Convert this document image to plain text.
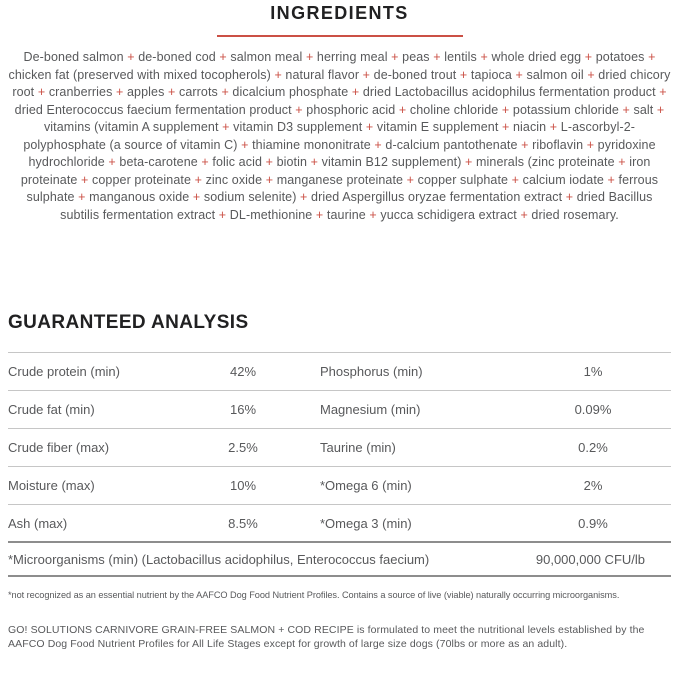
INGREDIENTS

De-boned salmon + de-boned cod + salmon meal + herring meal + peas + lentils + whole dried egg + potatoes + chicken fat (preserved with mixed tocopherols) + natural flavor + de-boned trout + tapioca + salmon oil + dried chicory root + cranberries + apples + carrots + dicalcium phosphate + dried Lactobacillus acidophilus fermentation product + dried Enterococcus faecium fermentation product + phosphoric acid + choline chloride + potassium chloride + salt + vitamins (vitamin A supplement + vitamin D3 supplement + vitamin E supplement + niacin + L-ascorbyl-2-polyphosphate (a source of vitamin C) + thiamine mononitrate + d-calcium pantothenate + riboflavin + pyridoxine hydrochloride + beta-carotene + folic acid + biotin + vitamin B12 supplement) + minerals (zinc proteinate + iron proteinate + copper proteinate + zinc oxide + manganese proteinate + copper sulphate + calcium iodate + ferrous sulphate + manganous oxide + sodium selenite) + dried Aspergillus oryzae fermentation extract + dried Bacillus subtilis fermentation extract + DL-methionine + taurine + yucca schidigera extract + dried rosemary.

GUARANTEED ANALYSIS
Crude protein (min)	42%	Phosphorus (min)	1%
Crude fat (min)	16%	Magnesium (min)	0.09%
Crude fiber (max)	2.5%	Taurine (min)	0.2%
Moisture (max)	10%	*Omega 6 (min)	2%
Ash (max)	8.5%	*Omega 3 (min)	0.9%
*Microorganisms (min) (Lactobacillus acidophilus, Enterococcus faecium)	90,000,000 CFU/lb

*not recognized as an essential nutrient by the AAFCO Dog Food Nutrient Profiles. Contains a source of live (viable) naturally occurring microorganisms.

GO! SOLUTIONS CARNIVORE GRAIN-FREE SALMON + COD RECIPE is formulated to meet the nutritional levels established by the AAFCO Dog Food Nutrient Profiles for All Life Stages except for growth of large size dogs (70lbs or more as an adult).
